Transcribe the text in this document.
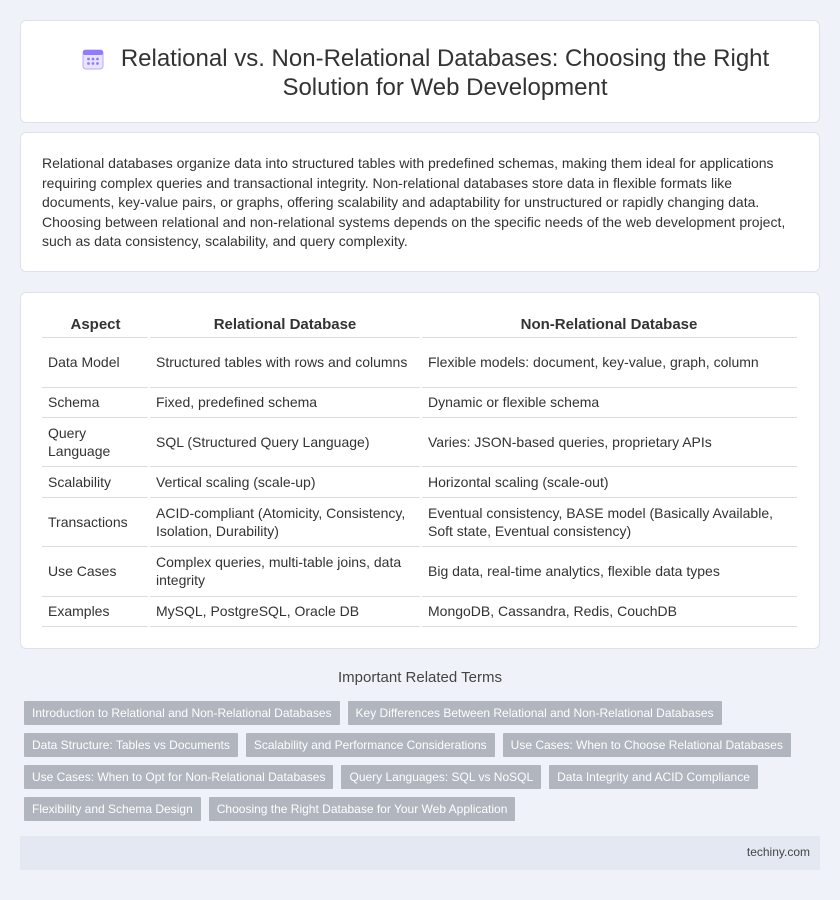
Relational vs. Non-Relational Databases: Choosing the Right Solution for Web Development

Relational databases organize data into structured tables with predefined schemas, making them ideal for applications requiring complex queries and transactional integrity. Non-relational databases store data in flexible formats like documents, key-value pairs, or graphs, offering scalability and adaptability for unstructured or rapidly changing data. Choosing between relational and non-relational systems depends on the specific needs of the web development project, such as data consistency, scalability, and query complexity.

Aspect	Relational Database	Non-Relational Database
Data Model	Structured tables with rows and columns	Flexible models: document, key-value, graph, column
Schema	Fixed, predefined schema	Dynamic or flexible schema
Query Language	SQL (Structured Query Language)	Varies: JSON-based queries, proprietary APIs
Scalability	Vertical scaling (scale-up)	Horizontal scaling (scale-out)
Transactions	ACID-compliant (Atomicity, Consistency, Isolation, Durability)	Eventual consistency, BASE model (Basically Available, Soft state, Eventual consistency)
Use Cases	Complex queries, multi-table joins, data integrity	Big data, real-time analytics, flexible data types
Examples	MySQL, PostgreSQL, Oracle DB	MongoDB, Cassandra, Redis, CouchDB
Important Related Terms
Introduction to Relational and Non-Relational Databases	Key Differences Between Relational and Non-Relational Databases
Data Structure: Tables vs Documents	Scalability and Performance Considerations	Use Cases: When to Choose Relational Databases
Use Cases: When to Opt for Non-Relational Databases	Query Languages: SQL vs NoSQL	Data Integrity and ACID Compliance
Flexibility and Schema Design	Choosing the Right Database for Your Web Application
techiny.com
